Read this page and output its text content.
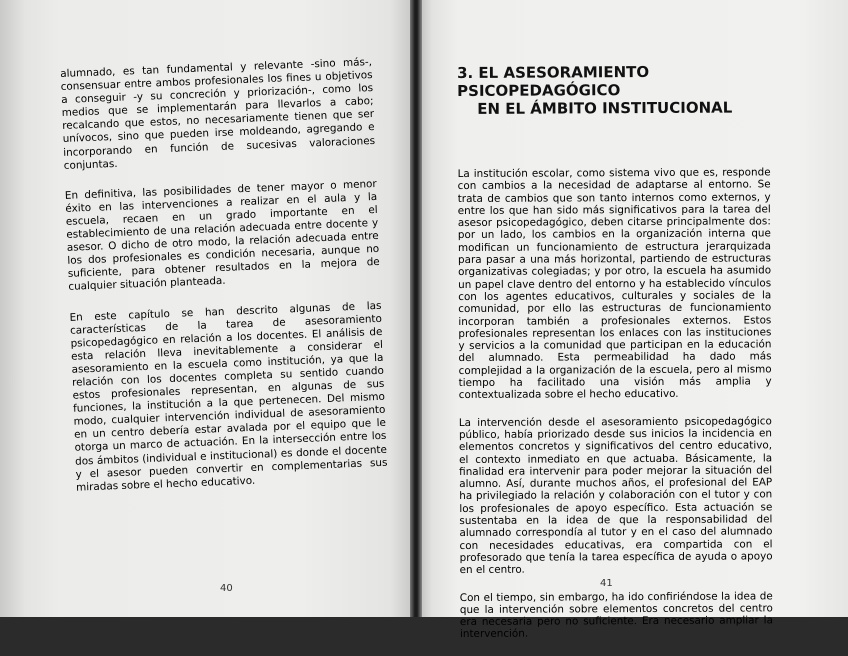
alumnado, es tan fundamental y relevante -sino más-, consensuar entre ambos profesionales los fines u objetivos a conseguir -y su concreción y priorización-, como los medios que se implementarán para llevarlos a cabo; recalcando que estos, no necesariamente tienen que ser unívocos, sino que pueden irse moldeando, agregando e incorporando en función de sucesivas valoraciones conjuntas.

En definitiva, las posibilidades de tener mayor o menor éxito en las intervenciones a realizar en el aula y la escuela, recaen en un grado importante en el establecimiento de una relación adecuada entre docente y asesor. O dicho de otro modo, la relación adecuada entre los dos profesionales es condición necesaria, aunque no suficiente, para obtener resultados en la mejora de cualquier situación planteada.

En este capítulo se han descrito algunas de las características de la tarea de asesoramiento psicopedagógico en relación a los docentes. El análisis de esta relación lleva inevitablemente a considerar el asesoramiento en la escuela como institución, ya que la relación con los docentes completa su sentido cuando estos profesionales representan, en algunas de sus funciones, la institución a la que pertenecen. Del mismo modo, cualquier intervención individual de asesoramiento en un centro debería estar avalada por el equipo que le otorga un marco de actuación. En la intersección entre los dos ámbitos (individual e institucional) es donde el docente y el asesor pueden convertir en complementarias sus miradas sobre el hecho educativo.

40
3. EL ASESORAMIENTO PSICOPEDAGÓGICO
EN EL ÁMBITO INSTITUCIONAL

La institución escolar, como sistema vivo que es, responde con cambios a la necesidad de adaptarse al entorno. Se trata de cambios que son tanto internos como externos, y entre los que han sido más significativos para la tarea del asesor psicopedagógico, deben citarse principalmente dos: por un lado, los cambios en la organización interna que modifican un funcionamiento de estructura jerarquizada para pasar a una más horizontal, partiendo de estructuras organizativas colegiadas; y por otro, la escuela ha asumido un papel clave dentro del entorno y ha establecido vínculos con los agentes educativos, culturales y sociales de la comunidad, por ello las estructuras de funcionamiento incorporan también a profesionales externos. Estos profesionales representan los enlaces con las instituciones y servicios a la comunidad que participan en la educación del alumnado. Esta permeabilidad ha dado más complejidad a la organización de la escuela, pero al mismo tiempo ha facilitado una visión más amplia y contextualizada sobre el hecho educativo.

La intervención desde el asesoramiento psicopedagógico público, había priorizado desde sus inicios la incidencia en elementos concretos y significativos del centro educativo, el contexto inmediato en que actuaba. Básicamente, la finalidad era intervenir para poder mejorar la situación del alumno. Así, durante muchos años, el profesional del EAP ha privilegiado la relación y colaboración con el tutor y con los profesionales de apoyo específico. Esta actuación se sustentaba en la idea de que la responsabilidad del alumnado correspondía al tutor y en el caso del alumnado con necesidades educativas, era compartida con el profesorado que tenía la tarea específica de ayuda o apoyo en el centro.

Con el tiempo, sin embargo, ha ido confiriéndose la idea de que la intervención sobre elementos concretos del centro era necesaria pero no suficiente. Era necesario ampliar la intervención.

41
